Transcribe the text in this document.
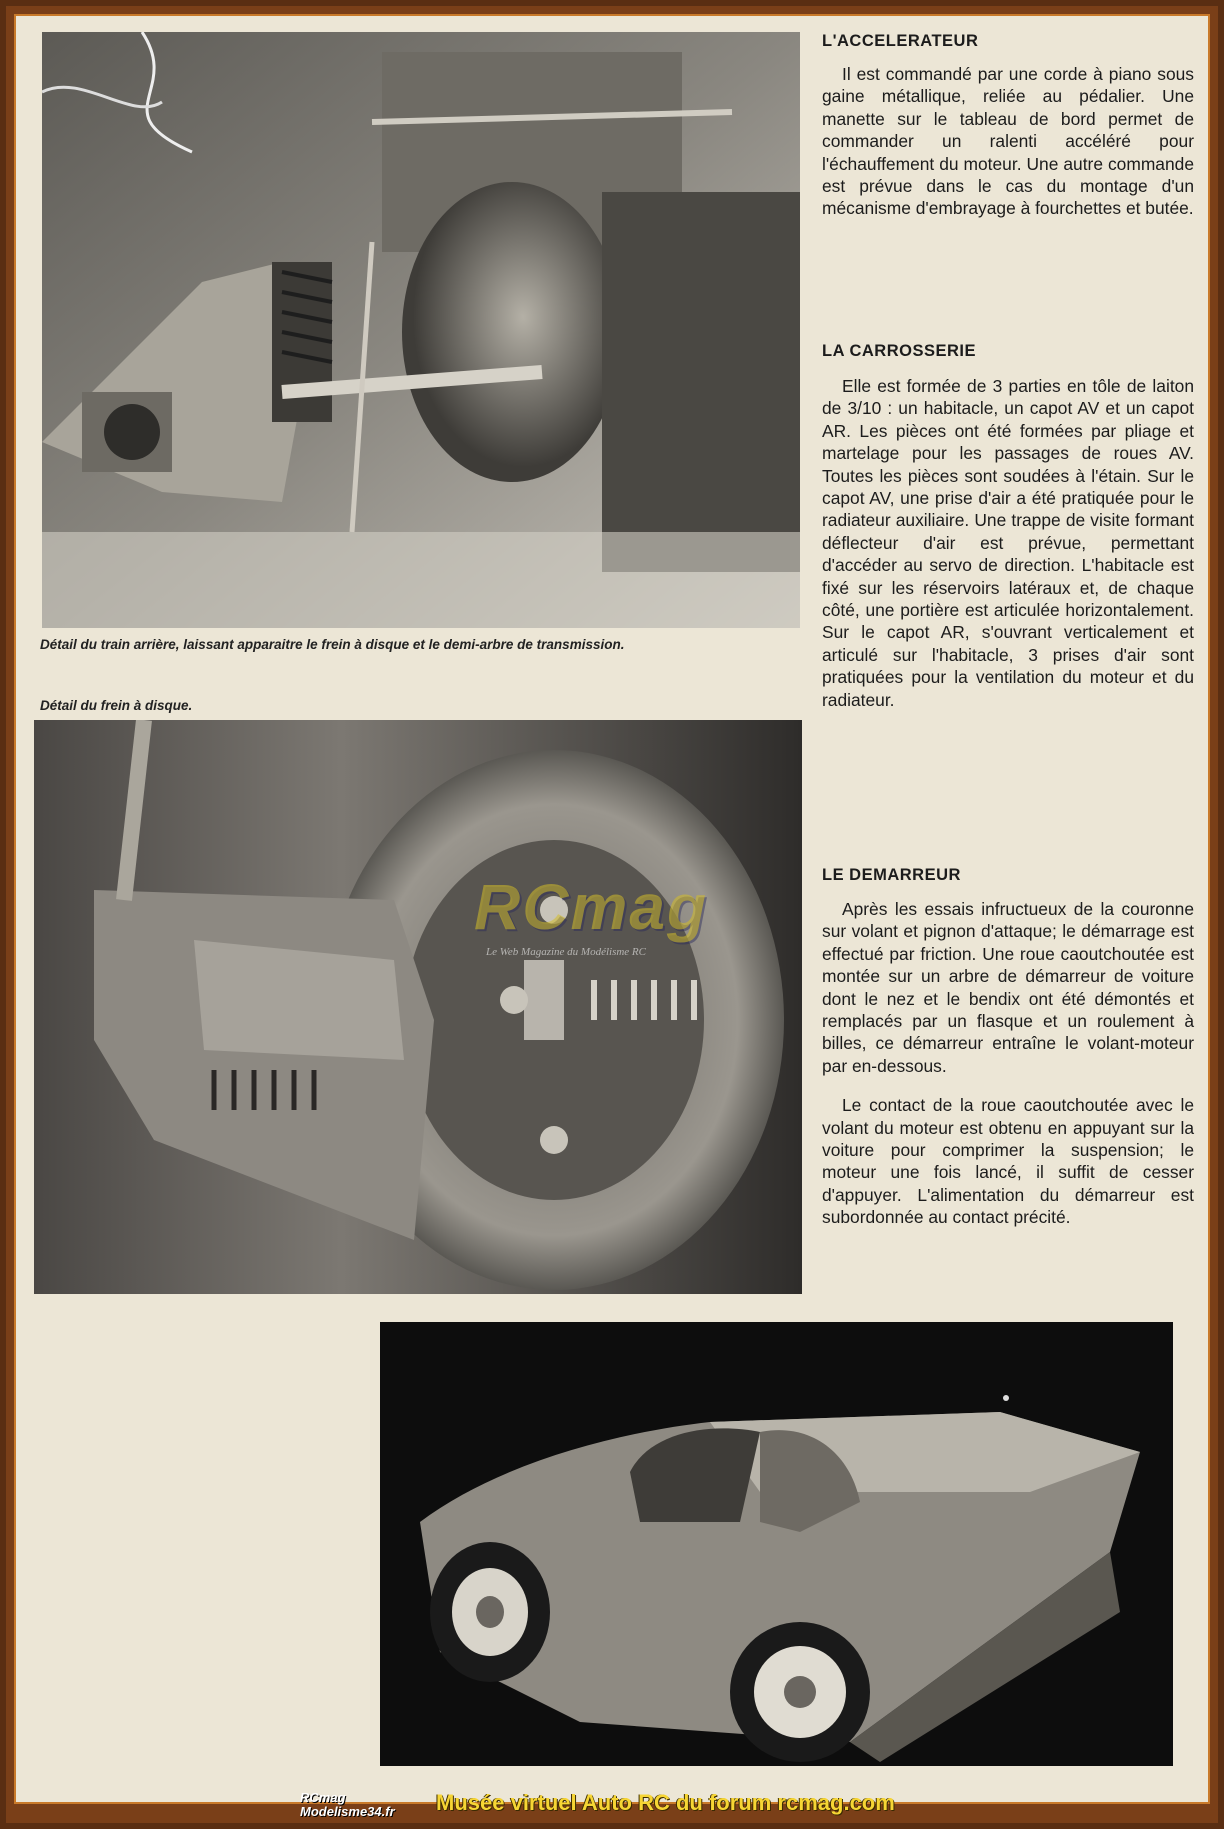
Détail du train arrière, laissant apparaitre le frein à disque et le demi-arbre de transmission.
Détail du frein à disque.
RCmag
Le Web Magazine du Modélisme RC
L'ACCELERATEUR

Il est commandé par une corde à piano sous gaine métallique, reliée au pédalier. Une manette sur le tableau de bord permet de commander un ralenti accéléré pour l'échauffement du moteur. Une autre commande est prévue dans le cas du montage d'un mécanisme d'embrayage à fourchettes et butée.

LA CARROSSERIE

Elle est formée de 3 parties en tôle de laiton de 3/10 : un habitacle, un capot AV et un capot AR. Les pièces ont été formées par pliage et martelage pour les passages de roues AV. Toutes les pièces sont soudées à l'étain. Sur le capot AV, une prise d'air a été pratiquée pour le radiateur auxiliaire. Une trappe de visite formant déflecteur d'air est prévue, permettant d'accéder au servo de direction. L'habitacle est fixé sur les réservoirs latéraux et, de chaque côté, une portière est articulée horizontalement. Sur le capot AR, s'ouvrant verticalement et articulé sur l'habitacle, 3 prises d'air sont pratiquées pour la ventilation du moteur et du radiateur.

LE DEMARREUR

Après les essais infructueux de la couronne sur volant et pignon d'attaque; le démarrage est effectué par friction. Une roue caoutchoutée est montée sur un arbre de démarreur de voiture dont le nez et le bendix ont été démontés et remplacés par un flasque et un roulement à billes, ce démarreur entraîne le volant-moteur par en-dessous.

Le contact de la roue caoutchoutée avec le volant du moteur est obtenu en appuyant sur la voiture pour comprimer la suspension; le moteur une fois lancé, il suffit de cesser d'appuyer. L'alimentation du démarreur est subordonnée au contact précité.

RCmag
Modelisme34.fr Musée virtuel Auto RC du forum rcmag.com
